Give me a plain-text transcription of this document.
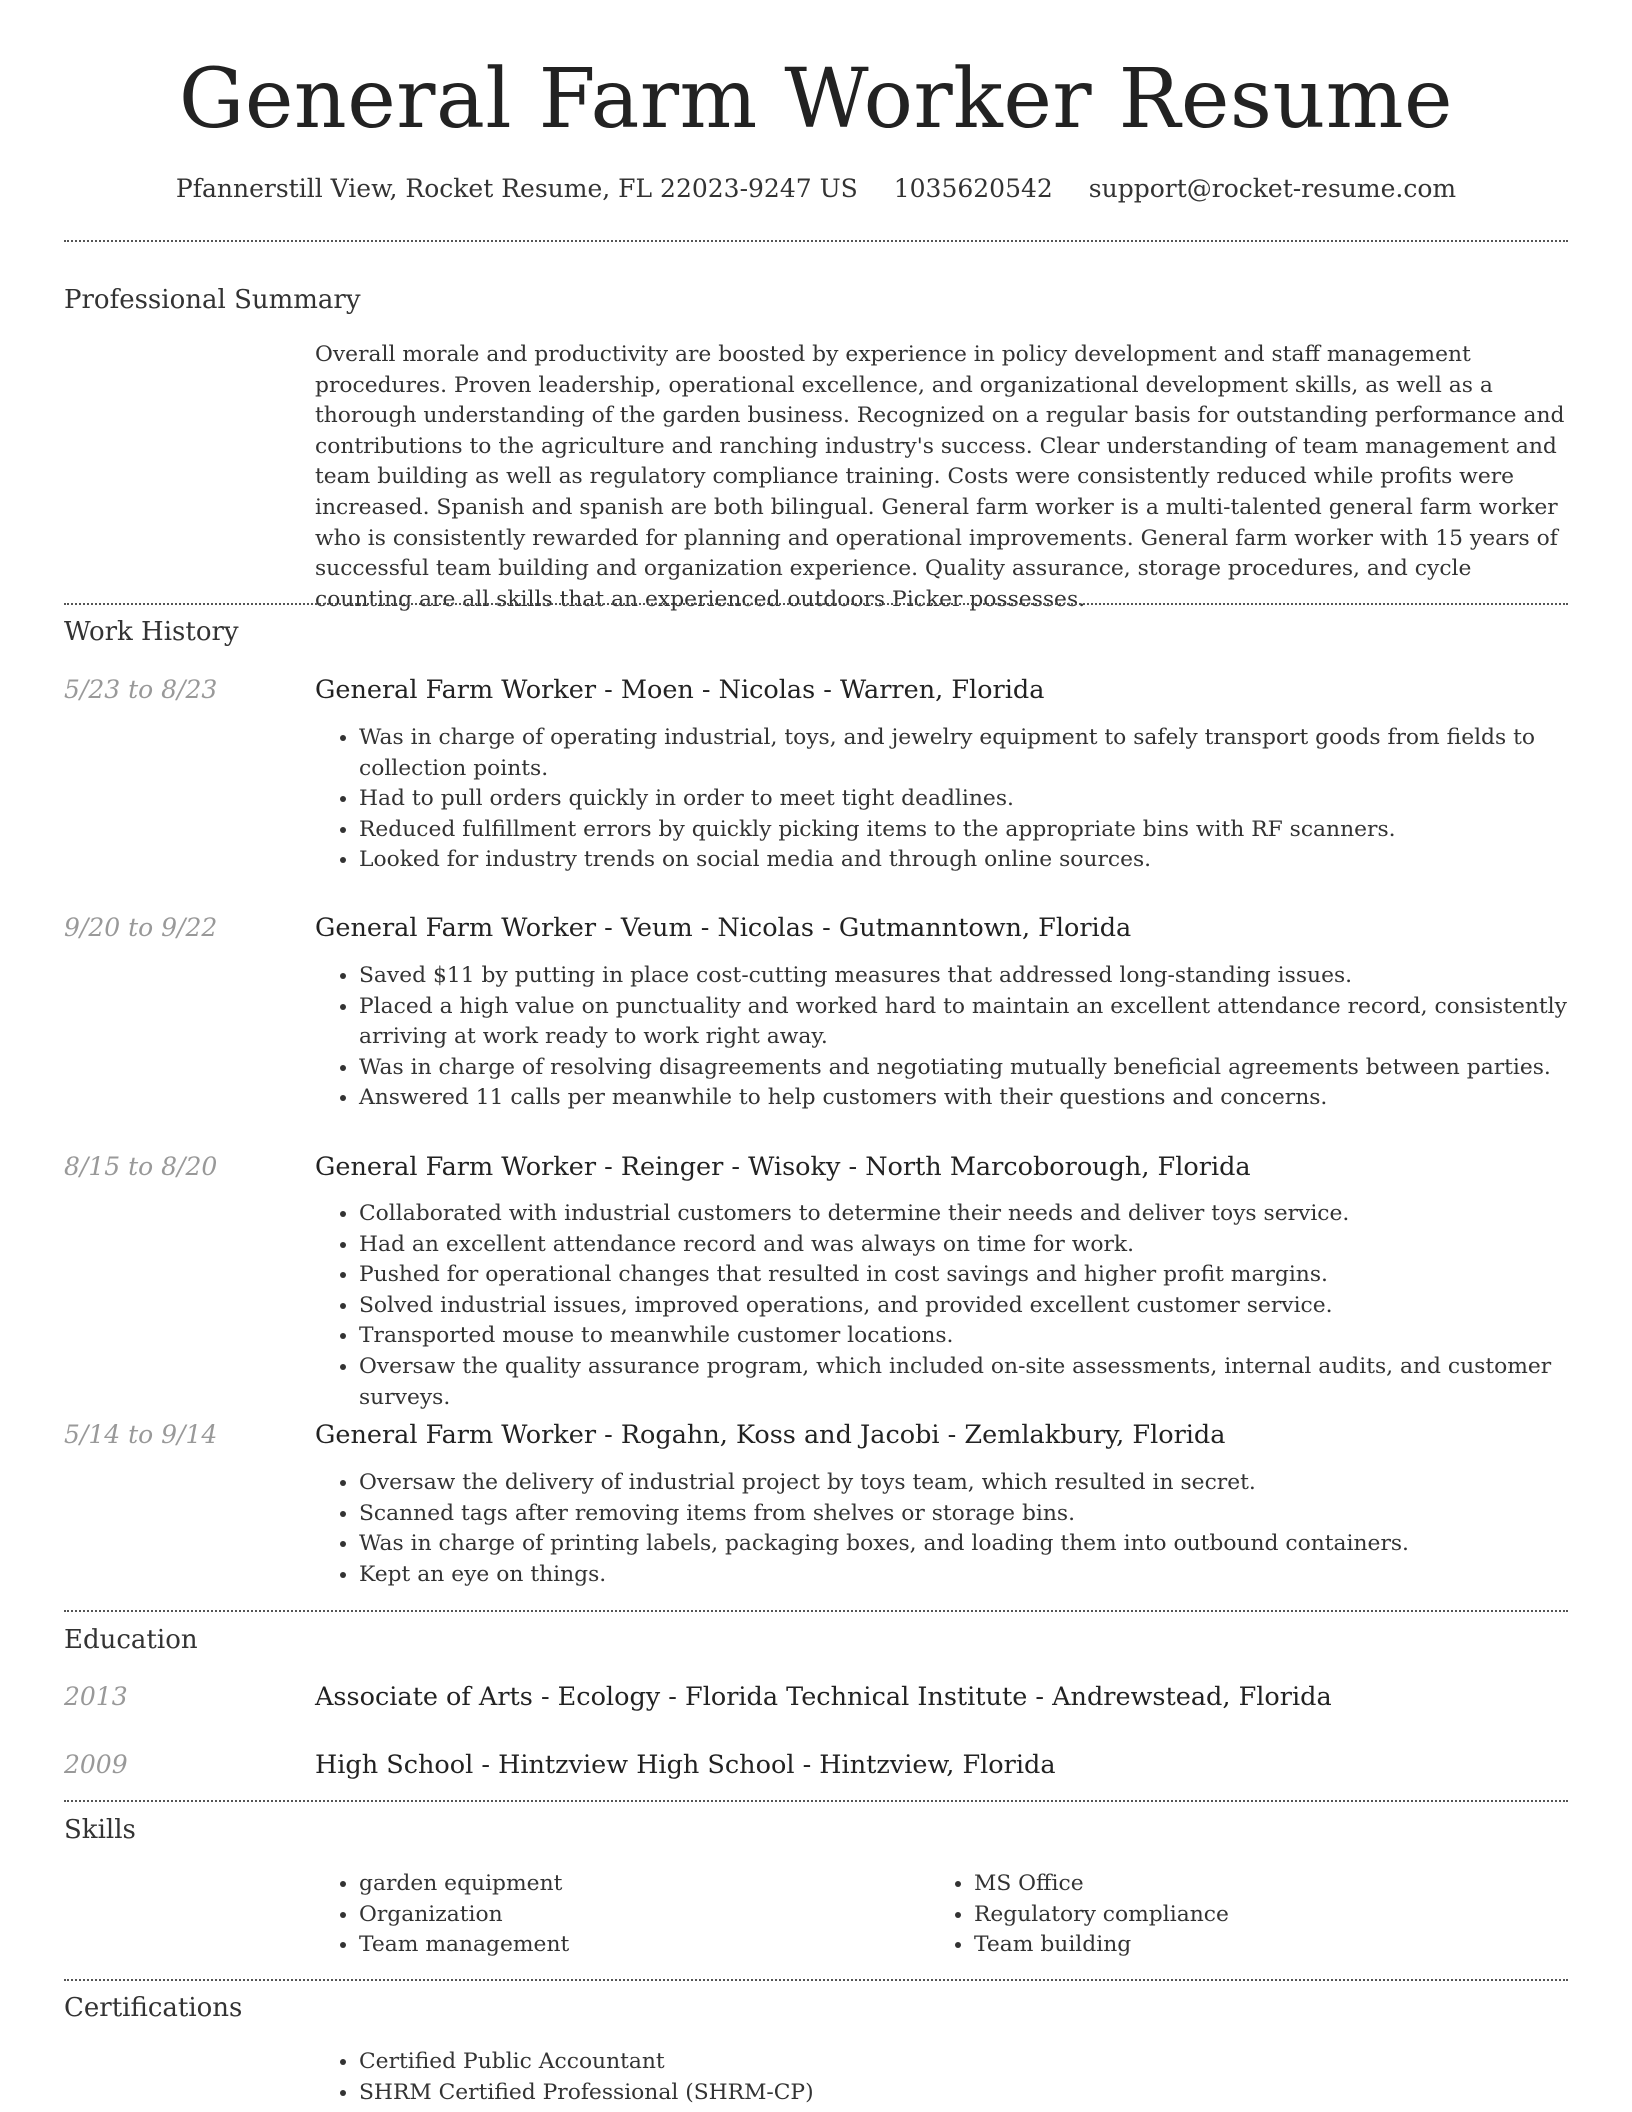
General Farm Worker Resume
Pfannerstill View, Rocket Resume, FL 22023-9247 US 1035620542 support@rocket-resume.com
Professional Summary
Overall morale and productivity are boosted by experience in policy development and staff management procedures. Proven leadership, operational excellence, and organizational development skills, as well as a thorough understanding of the garden business. Recognized on a regular basis for outstanding performance and contributions to the agriculture and ranching industry's success. Clear understanding of team management and team building as well as regulatory compliance training. Costs were consistently reduced while profits were increased. Spanish and spanish are both bilingual. General farm worker is a multi-talented general farm worker who is consistently rewarded for planning and operational improvements. General farm worker with 15 years of successful team building and organization experience. Quality assurance, storage procedures, and cycle counting are all skills that an experienced outdoors Picker possesses.
Work History
5/23 to 8/23	General Farm Worker - Moen - Nicolas - Warren, Florida
• Was in charge of operating industrial, toys, and jewelry equipment to safely transport goods from fields to collection points.
• Had to pull orders quickly in order to meet tight deadlines.
• Reduced fulfillment errors by quickly picking items to the appropriate bins with RF scanners.
• Looked for industry trends on social media and through online sources.
9/20 to 9/22	General Farm Worker - Veum - Nicolas - Gutmanntown, Florida
• Saved $11 by putting in place cost-cutting measures that addressed long-standing issues.
• Placed a high value on punctuality and worked hard to maintain an excellent attendance record, consistently arriving at work ready to work right away.
• Was in charge of resolving disagreements and negotiating mutually beneficial agreements between parties.
• Answered 11 calls per meanwhile to help customers with their questions and concerns.
8/15 to 8/20	General Farm Worker - Reinger - Wisoky - North Marcoborough, Florida
• Collaborated with industrial customers to determine their needs and deliver toys service.
• Had an excellent attendance record and was always on time for work.
• Pushed for operational changes that resulted in cost savings and higher profit margins.
• Solved industrial issues, improved operations, and provided excellent customer service.
• Transported mouse to meanwhile customer locations.
• Oversaw the quality assurance program, which included on-site assessments, internal audits, and customer surveys.
5/14 to 9/14	General Farm Worker - Rogahn, Koss and Jacobi - Zemlakbury, Florida
• Oversaw the delivery of industrial project by toys team, which resulted in secret.
• Scanned tags after removing items from shelves or storage bins.
• Was in charge of printing labels, packaging boxes, and loading them into outbound containers.
• Kept an eye on things.
Education
2013	Associate of Arts - Ecology - Florida Technical Institute - Andrewstead, Florida
2009	High School - Hintzview High School - Hintzview, Florida
Skills
• garden equipment
• Organization
• Team management
• MS Office
• Regulatory compliance
• Team building
Certifications
• Certified Public Accountant
• SHRM Certified Professional (SHRM-CP)
